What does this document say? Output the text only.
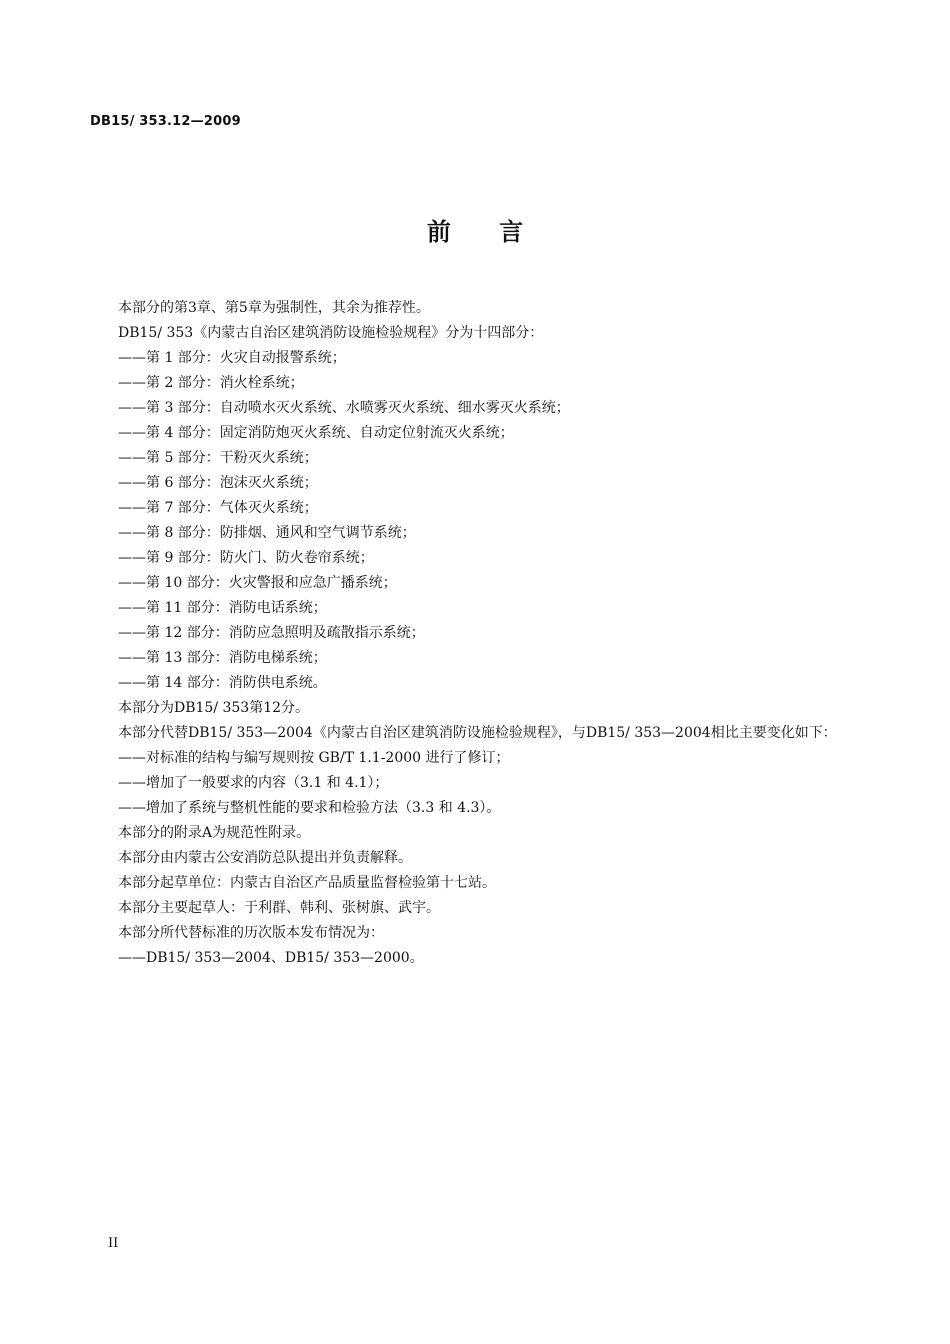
DB15/ 353.12—2009
前 言

本部分的第3章、第5章为强制性，其余为推荐性。

DB15/ 353《内蒙古自治区建筑消防设施检验规程》分为十四部分：

——第 1 部分：火灾自动报警系统；

——第 2 部分：消火栓系统；

——第 3 部分：自动喷水灭火系统、水喷雾灭火系统、细水雾灭火系统；

——第 4 部分：固定消防炮灭火系统、自动定位射流灭火系统；

——第 5 部分：干粉灭火系统；

——第 6 部分：泡沫灭火系统；

——第 7 部分：气体灭火系统；

——第 8 部分：防排烟、通风和空气调节系统；

——第 9 部分：防火门、防火卷帘系统；

——第 10 部分：火灾警报和应急广播系统；

——第 11 部分：消防电话系统；

——第 12 部分：消防应急照明及疏散指示系统；

——第 13 部分：消防电梯系统；

——第 14 部分：消防供电系统。

本部分为DB15/ 353第12分。

本部分代替DB15/ 353—2004《内蒙古自治区建筑消防设施检验规程》，与DB15/ 353—2004相比主要变化如下：

——对标准的结构与编写规则按 GB/T 1.1-2000 进行了修订；

——增加了一般要求的内容（3.1 和 4.1）；

——增加了系统与整机性能的要求和检验方法（3.3 和 4.3）。

本部分的附录A为规范性附录。

本部分由内蒙古公安消防总队提出并负责解释。

本部分起草单位：内蒙古自治区产品质量监督检验第十七站。

本部分主要起草人：于利群、韩利、张树旗、武宇。

本部分所代替标准的历次版本发布情况为：

——DB15/ 353—2004、DB15/ 353—2000。

II
